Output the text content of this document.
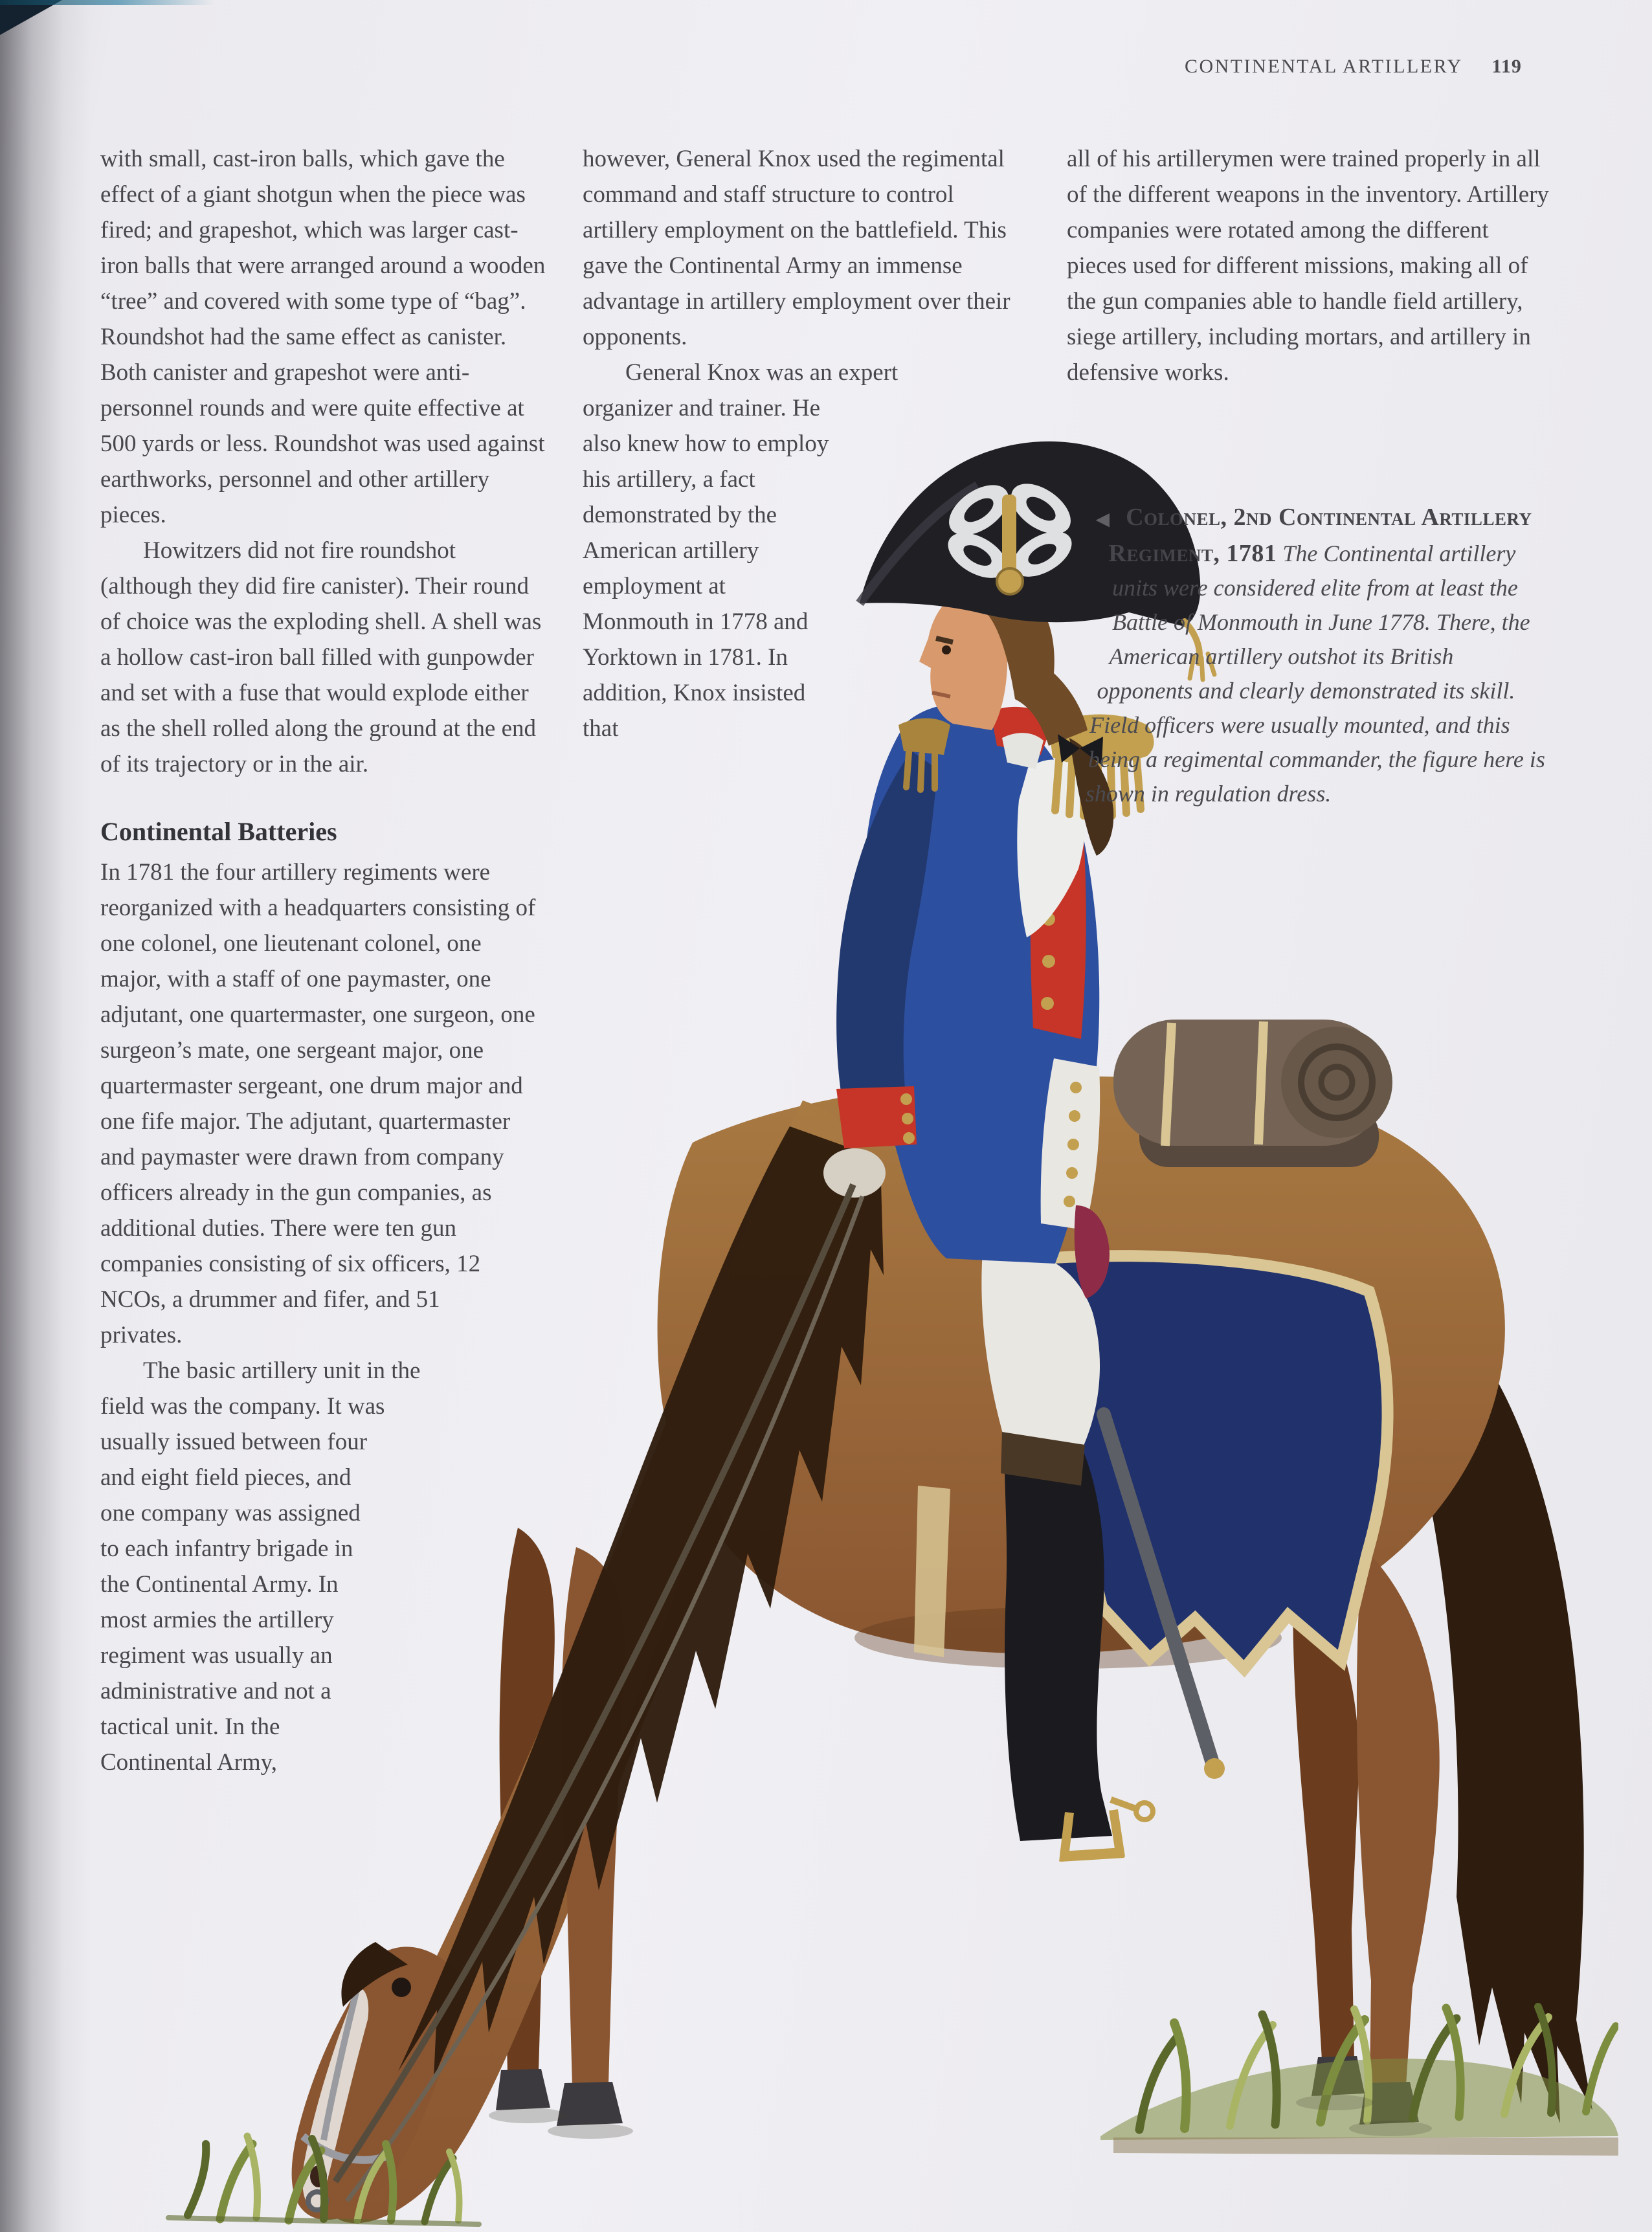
CONTINENTAL ARTILLERY 119

with small, cast-iron balls, which gave the effect of a giant shotgun when the piece was fired; and grapeshot, which was larger cast-iron balls that were arranged around a wooden “tree” and covered with some type of “bag”. Roundshot had the same effect as canister. Both canister and grapeshot were anti-personnel rounds and were quite effective at 500 yards or less. Roundshot was used against earthworks, personnel and other artillery pieces.

Howitzers did not fire roundshot (although they did fire canister). Their round of choice was the exploding shell. A shell was a hollow cast-iron ball filled with gunpowder and set with a fuse that would explode either as the shell rolled along the ground at the end of its trajectory or in the air.

Continental Batteries

In 1781 the four artillery regiments were reorganized with a headquarters consisting of one colonel, one lieutenant colonel, one major, with a staff of one paymaster, one adjutant, one quartermaster, one surgeon, one surgeon’s mate, one sergeant major, one quartermaster sergeant, one drum major and one fife major. The adjutant, quartermaster and paymaster were drawn from company officers already in the gun companies, as additional duties. There were ten gun companies consisting of six officers, 12 NCOs, a drummer and fifer, and 51 privates.

The basic artillery unit in the field was the company. It was usually issued between four and eight field pieces, and one company was assigned to each infantry brigade in the Continental Army. In most armies the artillery regiment was usually an administrative and not a tactical unit. In the Continental Army,

however, General Knox used the regimental command and staff structure to control artillery employment on the battlefield. This gave the Continental Army an immense advantage in artillery employment over their opponents.

General Knox was an expert organizer and trainer. He also knew how to employ his artillery, a fact demonstrated by the American artillery employment at Monmouth in 1778 and Yorktown in 1781. In addition, Knox insisted that

all of his artillerymen were trained properly in all of the different weapons in the inventory. Artillery companies were rotated among the different pieces used for different missions, making all of the gun companies able to handle field artillery, siege artillery, including mortars, and artillery in defensive works.

◀ Colonel, 2nd Continental Artillery Regiment, 1781 The Continental artillery units were considered elite from at least the Battle of Monmouth in June 1778. There, the American artillery outshot its British opponents and clearly demonstrated its skill. Field officers were usually mounted, and this being a regimental commander, the figure here is shown in regulation dress.
